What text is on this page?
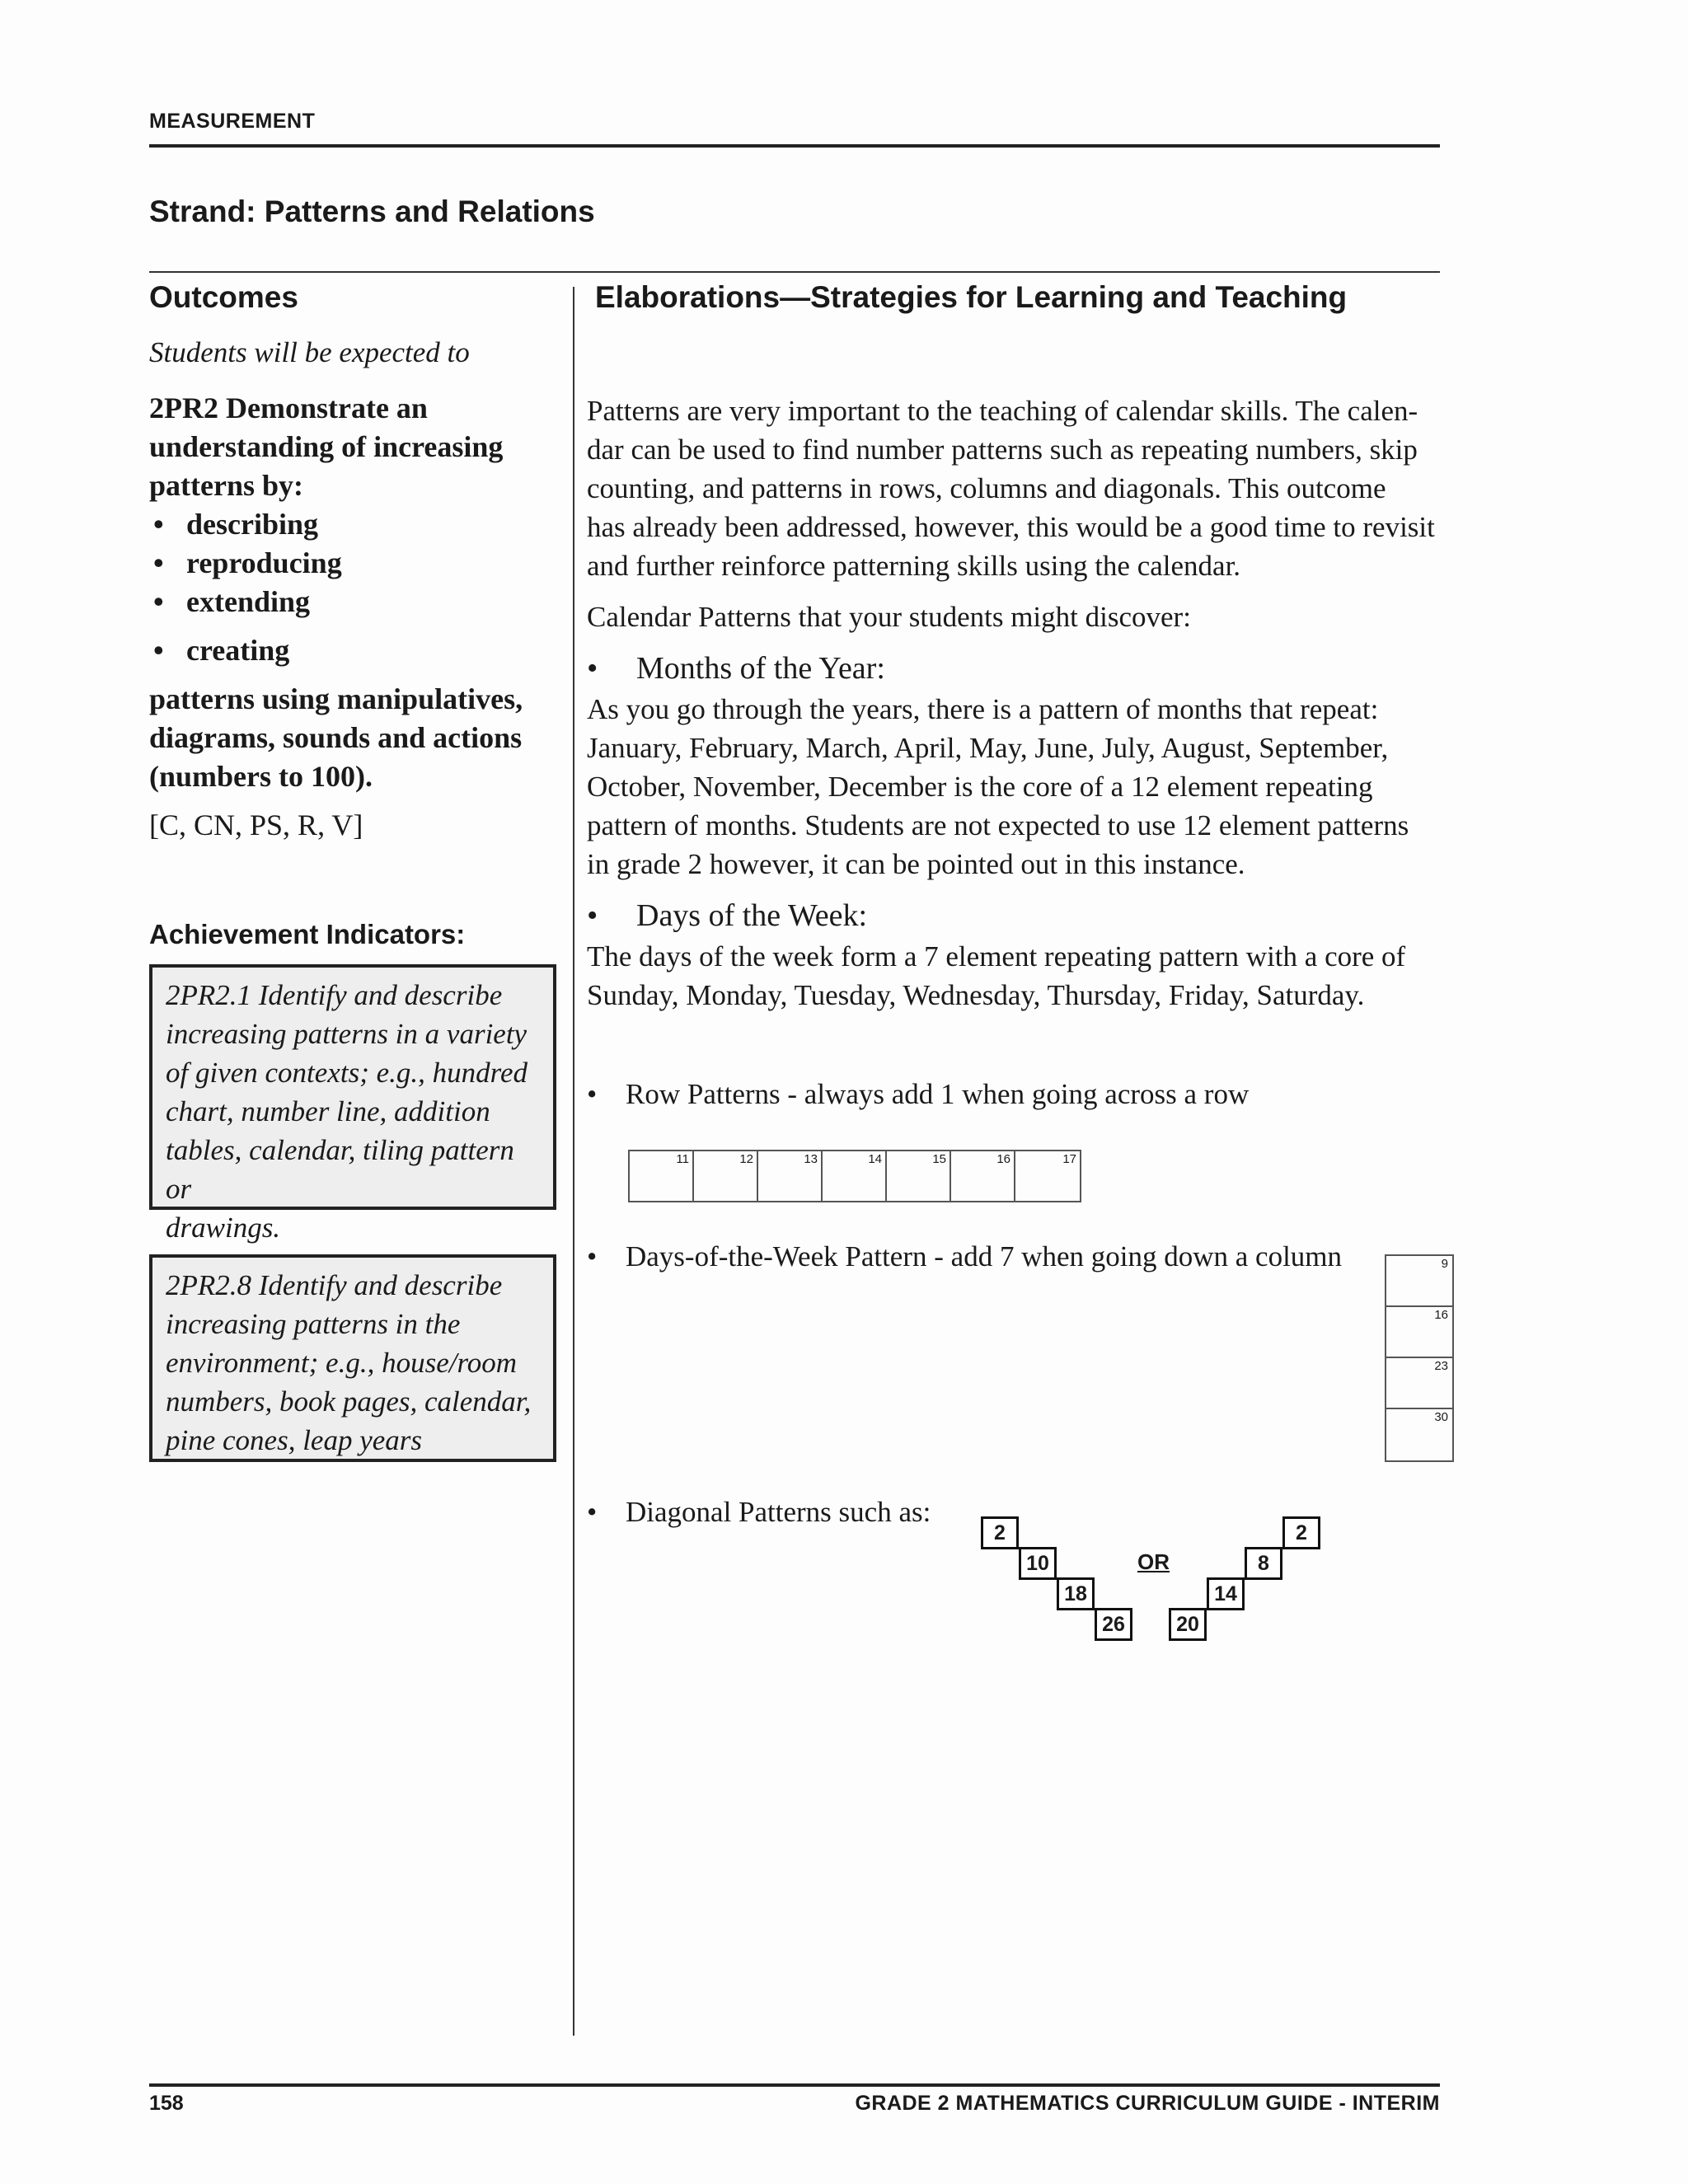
MEASUREMENT
Strand: Patterns and Relations
Outcomes	Elaborations—Strategies for Learning and Teaching
Students will be expected to
2PR2 Demonstrate an
understanding of increasing
patterns by:
• describing
• reproducing
• extending
• creating
patterns using manipulatives,
diagrams, sounds and actions
(numbers to 100).
[C, CN, PS, R, V]
Achievement Indicators:
2PR2.1 Identify and describe
increasing patterns in a variety
of given contexts; e.g., hundred
chart, number line, addition
tables, calendar, tiling pattern or
drawings.
2PR2.8 Identify and describe
increasing patterns in the
environment; e.g., house/room
numbers, book pages, calendar,
pine cones, leap years
Patterns are very important to the teaching of calendar skills. The calen-
dar can be used to find number patterns such as repeating numbers, skip
counting, and patterns in rows, columns and diagonals. This outcome
has already been addressed, however, this would be a good time to revisit
and further reinforce patterning skills using the calendar.
Calendar Patterns that your students might discover:
• Months of the Year:
As you go through the years, there is a pattern of months that repeat:
January, February, March, April, May, June, July, August, September,
October, November, December is the core of a 12 element repeating
pattern of months. Students are not expected to use 12 element patterns
in grade 2 however, it can be pointed out in this instance.
• Days of the Week:
The days of the week form a 7 element repeating pattern with a core of
Sunday, Monday, Tuesday, Wednesday, Thursday, Friday, Saturday.
• Row Patterns - always add 1 when going across a row
11	12	13	14	15	16	17
• Days-of-the-Week Pattern - add 7 when going down a column	9
16
23
30
• Diagonal Patterns such as:
2
10
18
26
OR
2
8
14
20
158	GRADE 2 MATHEMATICS CURRICULUM GUIDE - INTERIM
